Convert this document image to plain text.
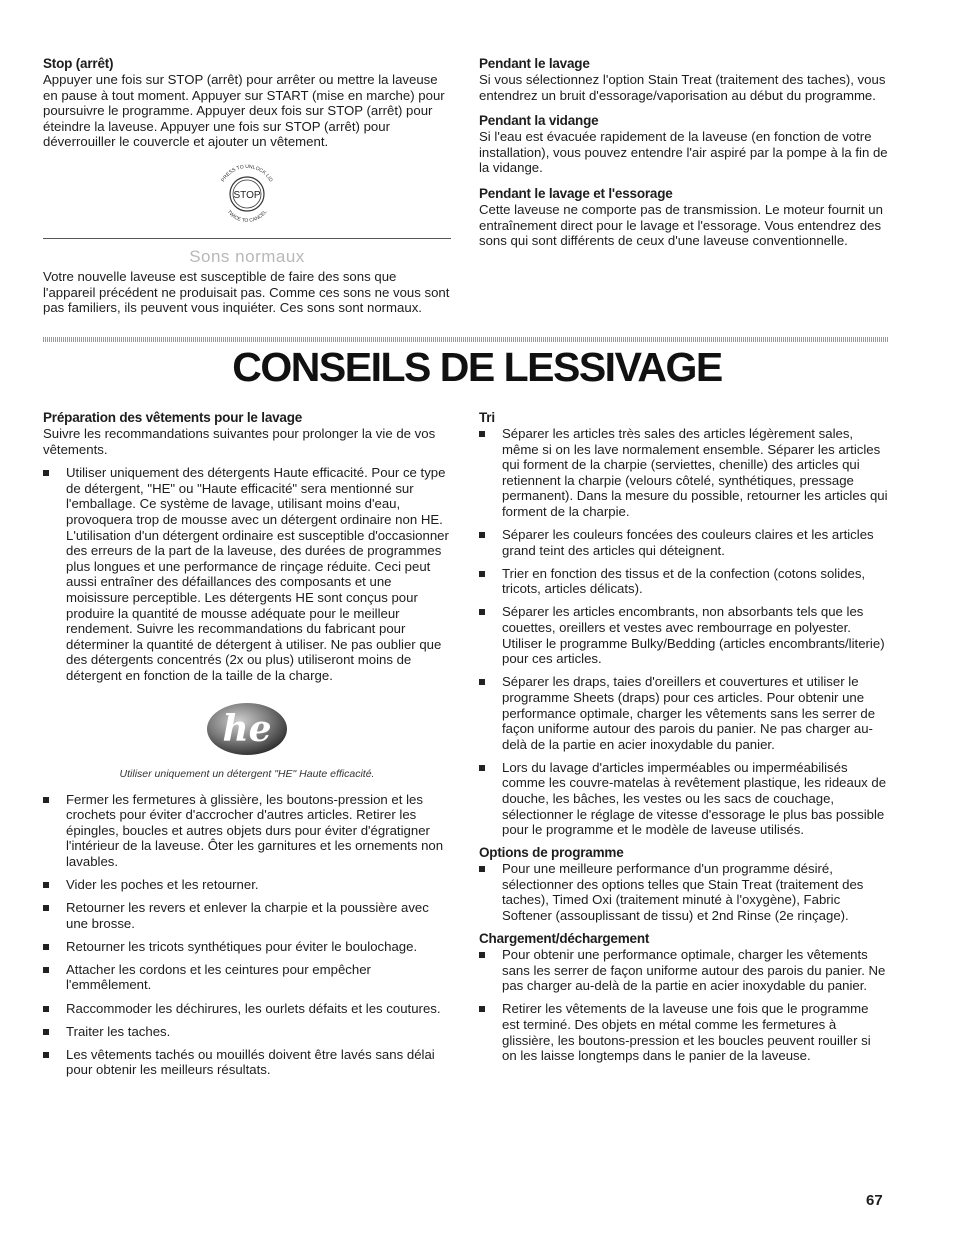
Stop (arrêt)

Appuyer une fois sur STOP (arrêt) pour arrêter ou mettre la laveuse en pause à tout moment. Appuyer sur START (mise en marche) pour poursuivre le programme. Appuyer deux fois sur STOP (arrêt) pour éteindre la laveuse. Appuyer une fois sur STOP (arrêt) pour déverrouiller le couvercle et ajouter un vêtement.

STOP
PRESS TO UNLOCK LID
TWICE TO CANCEL
Sons normaux

Votre nouvelle laveuse est susceptible de faire des sons que l'appareil précédent ne produisait pas. Comme ces sons ne vous sont pas familiers, ils peuvent vous inquiéter. Ces sons sont normaux.

Pendant le lavage

Si vous sélectionnez l'option Stain Treat (traitement des taches), vous entendrez un bruit d'essorage/vaporisation au début du programme.

Pendant la vidange

Si l'eau est évacuée rapidement de la laveuse (en fonction de votre installation), vous pouvez entendre l'air aspiré par la pompe à la fin de la vidange.

Pendant le lavage et l'essorage

Cette laveuse ne comporte pas de transmission. Le moteur fournit un entraînement direct pour le lavage et l'essorage. Vous entendrez des sons qui sont différents de ceux d'une laveuse conventionnelle.

CONSEILS DE LESSIVAGE
Préparation des vêtements pour le lavage

Suivre les recommandations suivantes pour prolonger la vie de vos vêtements.

Utiliser uniquement des détergents Haute efficacité. Pour ce type de détergent, "HE" ou "Haute efficacité" sera mentionné sur l'emballage. Ce système de lavage, utilisant moins d'eau, provoquera trop de mousse avec un détergent ordinaire non HE. L'utilisation d'un détergent ordinaire est susceptible d'occasionner des erreurs de la part de la laveuse, des durées de programmes plus longues et une performance de rinçage réduite. Ceci peut aussi entraîner des défaillances des composants et une moisissure perceptible. Les détergents HE sont conçus pour produire la quantité de mousse adéquate pour le meilleur rendement. Suivre les recommandations du fabricant pour déterminer la quantité de détergent à utiliser. Ne pas oublier que des détergents concentrés (2x ou plus) utiliseront moins de détergent en fonction de la taille de la charge.
he
Utiliser uniquement un détergent "HE" Haute efficacité.
Fermer les fermetures à glissière, les boutons-pression et les crochets pour éviter d'accrocher d'autres articles. Retirer les épingles, boucles et autres objets durs pour éviter d'égratigner l'intérieur de la laveuse. Ôter les garnitures et les ornements non lavables.
Vider les poches et les retourner.
Retourner les revers et enlever la charpie et la poussière avec une brosse.
Retourner les tricots synthétiques pour éviter le boulochage.
Attacher les cordons et les ceintures pour empêcher l'emmêlement.
Raccommoder les déchirures, les ourlets défaits et les coutures.
Traiter les taches.
Les vêtements tachés ou mouillés doivent être lavés sans délai pour obtenir les meilleurs résultats.
Tri
Séparer les articles très sales des articles légèrement sales, même si on les lave normalement ensemble. Séparer les articles qui forment de la charpie (serviettes, chenille) des articles qui retiennent la charpie (velours côtelé, synthétiques, pressage permanent). Dans la mesure du possible, retourner les articles qui forment de la charpie.
Séparer les couleurs foncées des couleurs claires et les articles grand teint des articles qui déteignent.
Trier en fonction des tissus et de la confection (cotons solides, tricots, articles délicats).
Séparer les articles encombrants, non absorbants tels que les couettes, oreillers et vestes avec rembourrage en polyester. Utiliser le programme Bulky/Bedding (articles encombrants/literie) pour ces articles.
Séparer les draps, taies d'oreillers et couvertures et utiliser le programme Sheets (draps) pour ces articles. Pour obtenir une performance optimale, charger les vêtements sans les serrer de façon uniforme autour des parois du panier. Ne pas charger au-delà de la partie en acier inoxydable du panier.
Lors du lavage d'articles imperméables ou imperméabilisés comme les couvre-matelas à revêtement plastique, les rideaux de douche, les bâches, les vestes ou les sacs de couchage, sélectionner le réglage de vitesse d'essorage le plus bas possible pour le programme et le modèle de laveuse utilisés.
Options de programme
Pour une meilleure performance d'un programme désiré, sélectionner des options telles que Stain Treat (traitement des taches), Timed Oxi (traitement minuté à l'oxygène), Fabric Softener (assouplissant de tissu) et 2nd Rinse (2e rinçage).
Chargement/déchargement
Pour obtenir une performance optimale, charger les vêtements sans les serrer de façon uniforme autour des parois du panier. Ne pas charger au-delà de la partie en acier inoxydable du panier.
Retirer les vêtements de la laveuse une fois que le programme est terminé. Des objets en métal comme les fermetures à glissière, les boutons-pression et les boucles peuvent rouiller si on les laisse longtemps dans le panier de la laveuse.
67
